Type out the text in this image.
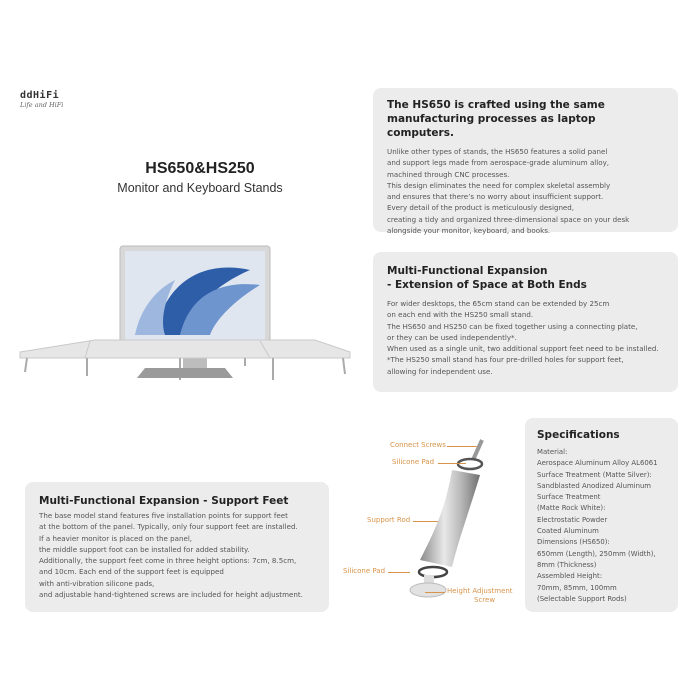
ddHiFi
Life and HiFi
HS650&HS250
Monitor and Keyboard Stands
The HS650 is crafted using the same manufacturing processes as laptop computers.

Unlike other types of stands, the HS650 features a solid panel
and support legs made from aerospace-grade aluminum alloy,
machined through CNC processes.
This design eliminates the need for complex skeletal assembly
and ensures that there’s no worry about insufficient support.
Every detail of the product is meticulously designed,
creating a tidy and organized three-dimensional space on your desk
alongside your monitor, keyboard, and books.

Multi-Functional Expansion
- Extension of Space at Both Ends

For wider desktops, the 65cm stand can be extended by 25cm
on each end with the HS250 small stand.
The HS650 and HS250 can be fixed together using a connecting plate,
or they can be used independently*.
When used as a single unit, two additional support feet need to be installed.
*The HS250 small stand has four pre-drilled holes for support feet,
allowing for independent use.

Multi-Functional Expansion - Support Feet

The base model stand features five installation points for support feet
at the bottom of the panel. Typically, only four support feet are installed.
If a heavier monitor is placed on the panel,
the middle support foot can be installed for added stability.
Additionally, the support feet come in three height options: 7cm, 8.5cm,
and 10cm. Each end of the support feet is equipped
with anti-vibration silicone pads,
and adjustable hand-tightened screws are included for height adjustment.

Specifications

Material:
Aerospace Aluminum Alloy AL6061
Surface Treatment (Matte Silver):
Sandblasted Anodized Aluminum
Surface Treatment
(Matte Rock White):
Electrostatic Powder
Coated Aluminum
Dimensions (HS650):
650mm (Length), 250mm (Width),
8mm (Thickness)
Assembled Height:
70mm, 85mm, 100mm
(Selectable Support Rods)

Connect Screws
Silicone Pad
Support Rod
Silicone Pad
Height Adjustment
Screw
